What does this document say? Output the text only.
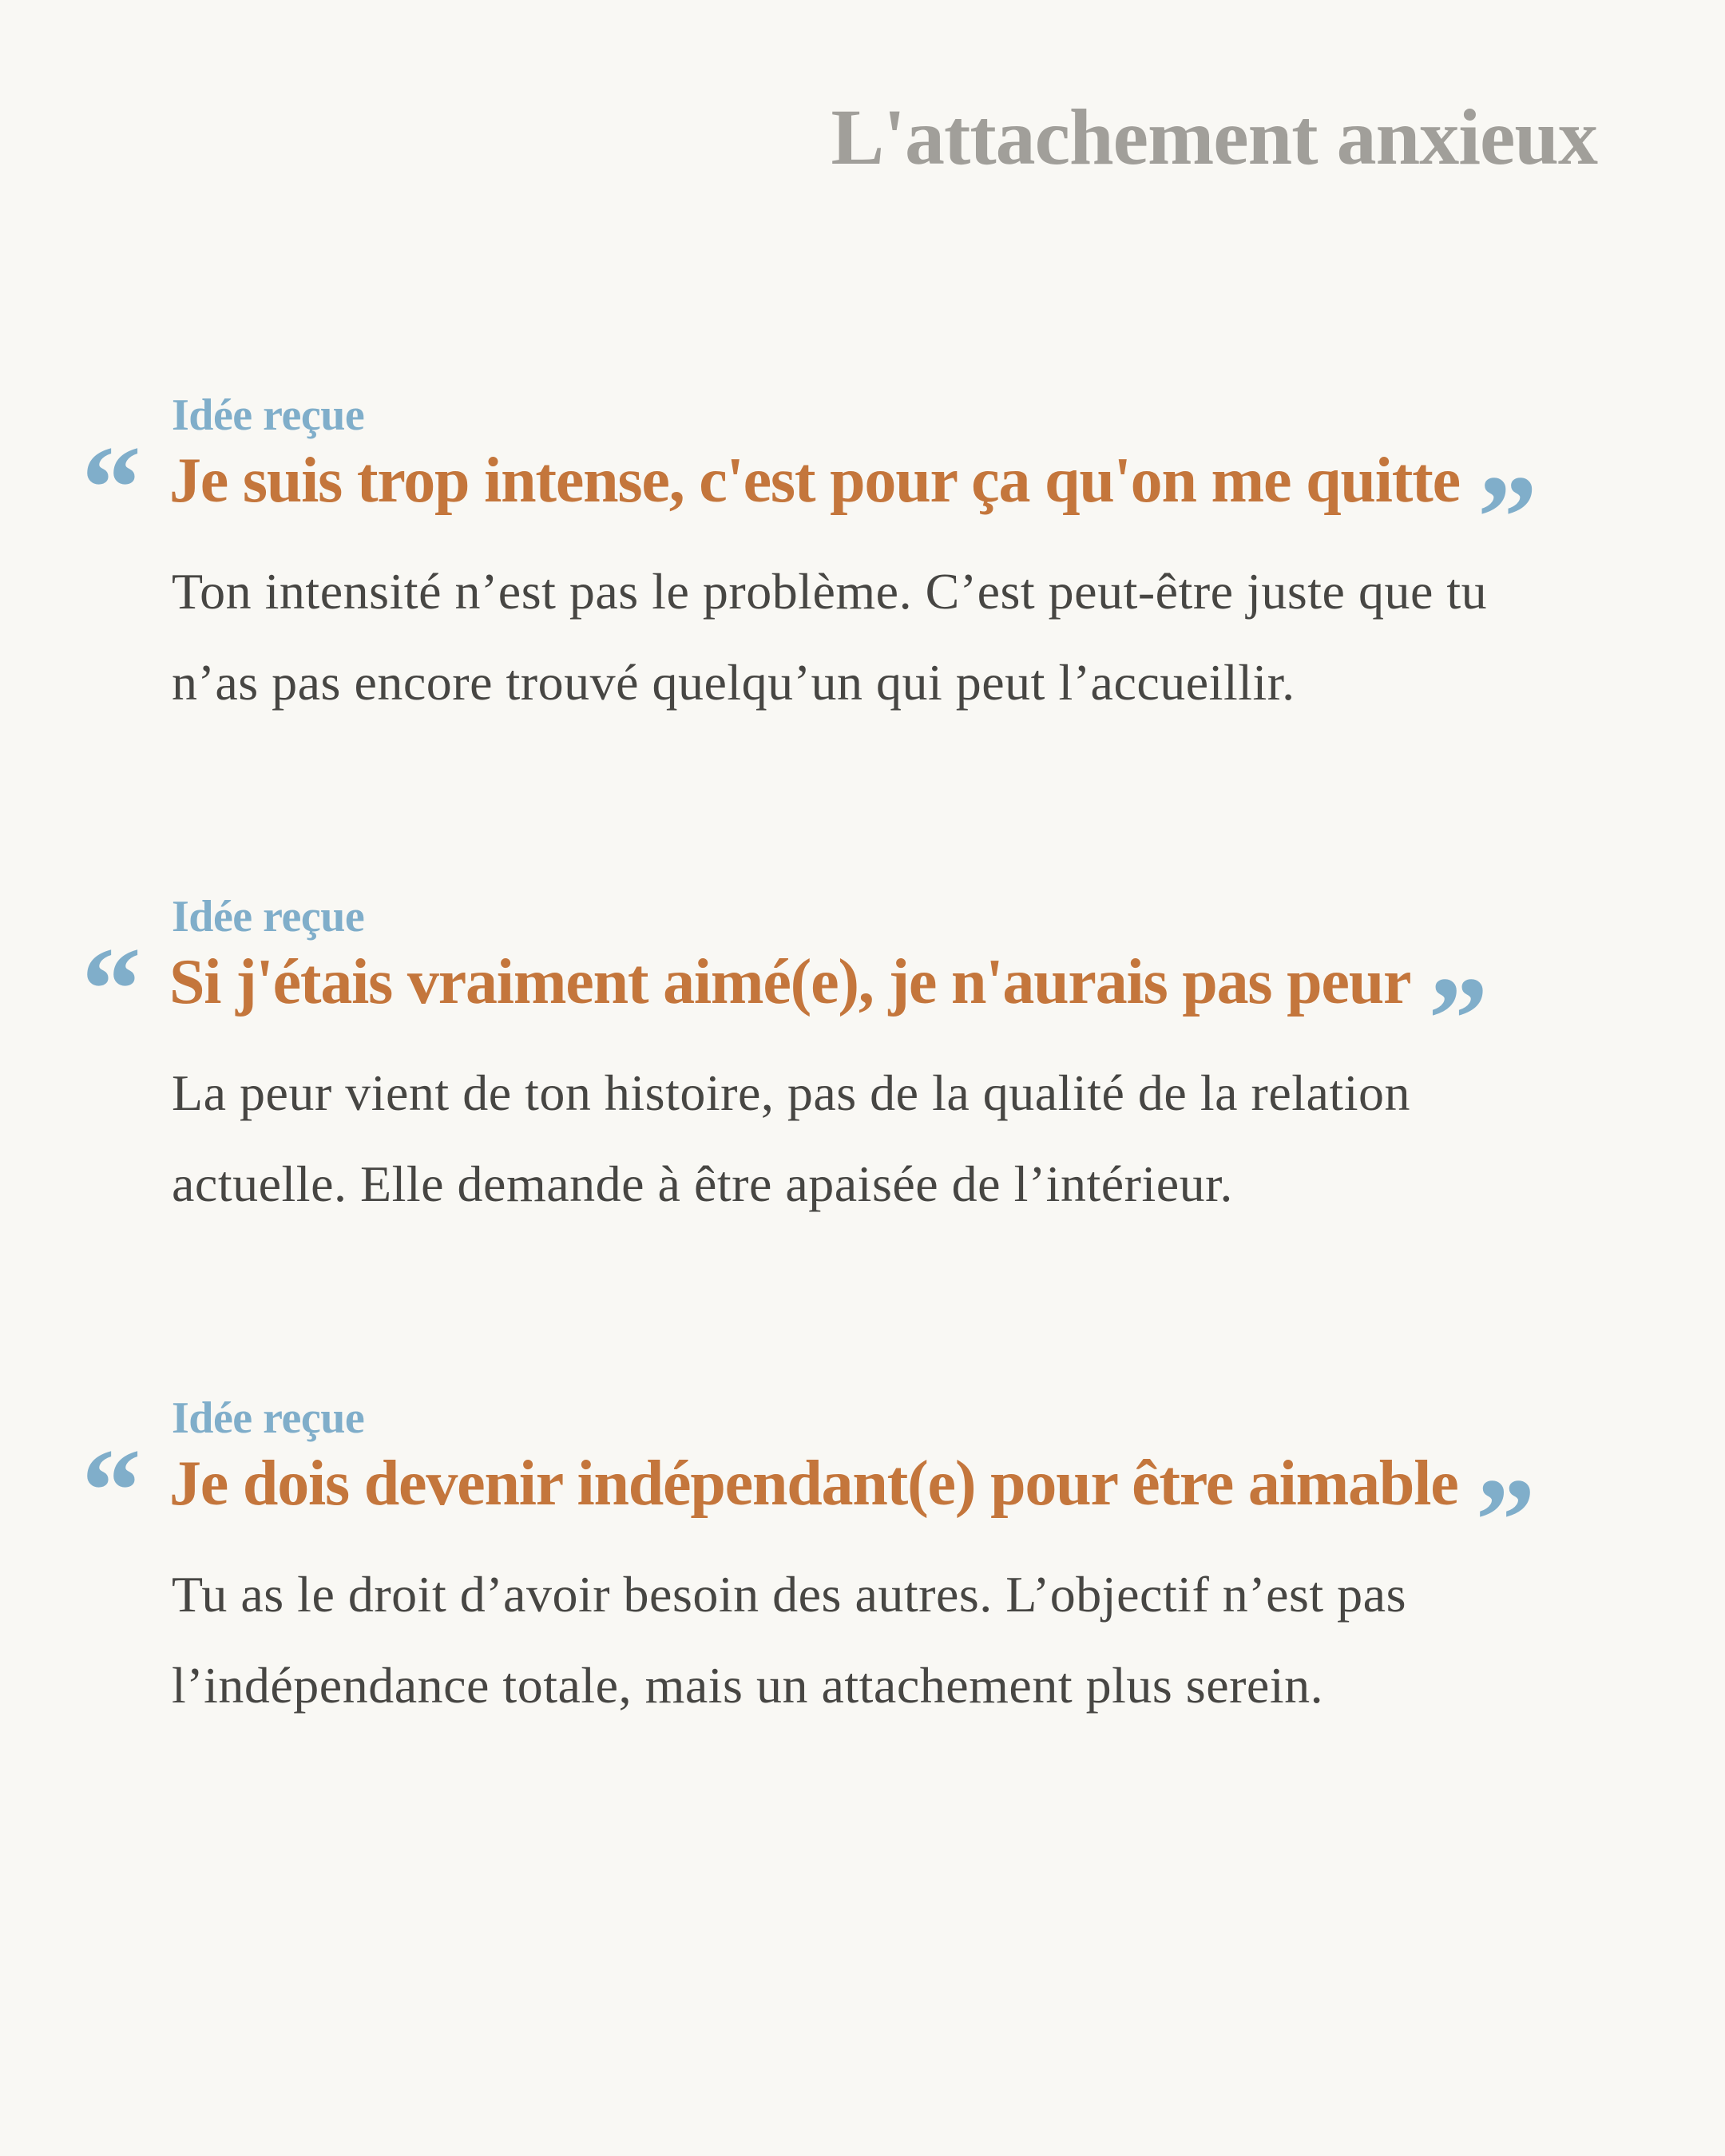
L'attachement anxieux
Idée reçue
“ Je suis trop intense, c'est pour ça qu'on me quitte ”

Ton intensité n’est pas le problème. C’est peut-être juste que tu
n’as pas encore trouvé quelqu’un qui peut l’accueillir.

Idée reçue
“ Si j'étais vraiment aimé(e), je n'aurais pas peur ”

La peur vient de ton histoire, pas de la qualité de la relation
actuelle. Elle demande à être apaisée de l’intérieur.

Idée reçue
“ Je dois devenir indépendant(e) pour être aimable ”

Tu as le droit d’avoir besoin des autres. L’objectif n’est pas
l’indépendance totale, mais un attachement plus serein.
